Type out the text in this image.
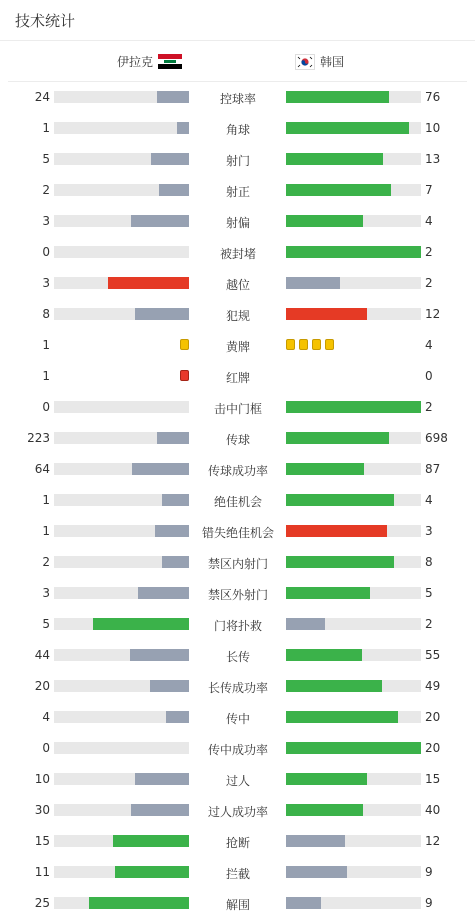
技术统计
伊拉克	韩国
24	控球率	76
1	角球	10
5	射门	13
2	射正	7
3	射偏	4
0	被封堵	2
3	越位	2
8	犯规	12
1	黄牌	4
1	红牌	0
0	击中门框	2
223	传球	698
64	传球成功率	87
1	绝佳机会	4
1	错失绝佳机会	3
2	禁区内射门	8
3	禁区外射门	5
5	门将扑救	2
44	长传	55
20	长传成功率	49
4	传中	20
0	传中成功率	20
10	过人	15
30	过人成功率	40
15	抢断	12
11	拦截	9
25	解围	9
